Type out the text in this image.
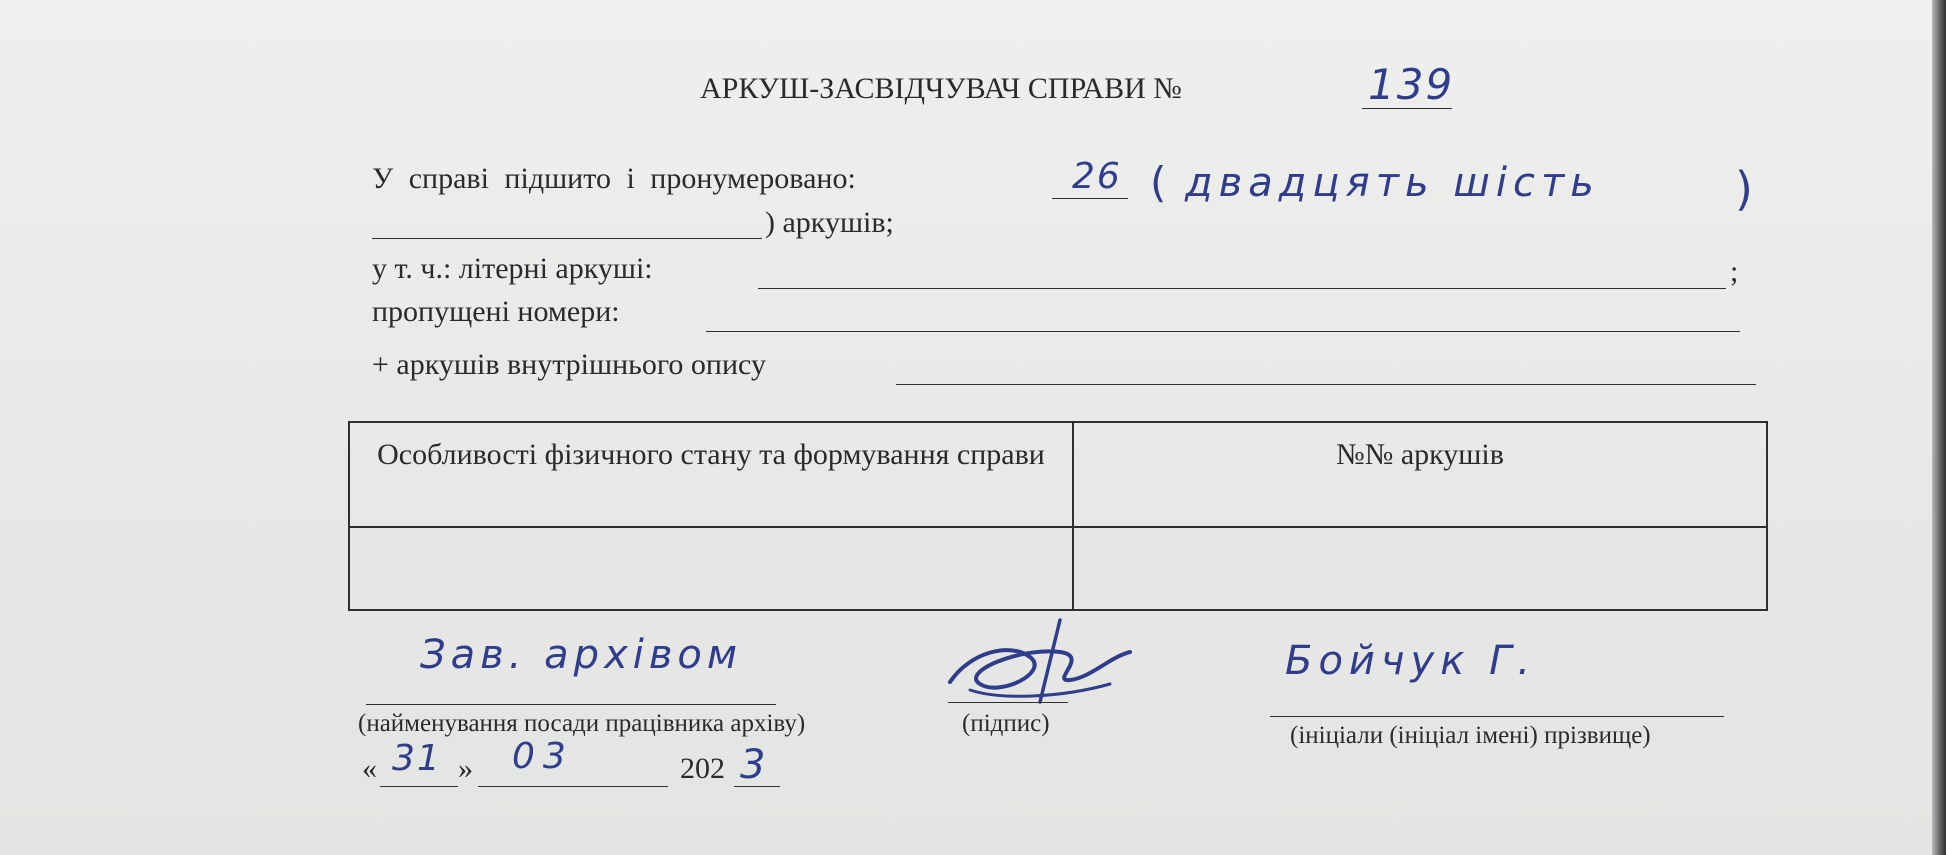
АРКУШ-ЗАСВІДЧУВАЧ СПРАВИ №	139
У справі підшито і пронумеровано:	26 ( двадцять шість	)
) аркушів;
у т. ч.: літерні аркуші:	;
пропущені номери:
+ аркушів внутрішнього опису
Особливості фізичного стану та формування справи	№№ аркушів

Зав. архівом
(найменування посади працівника архіву)	(підпис)
Бойчук Г.
(ініціали (ініціал імені) прізвище)
« 31 » 03	202 3
